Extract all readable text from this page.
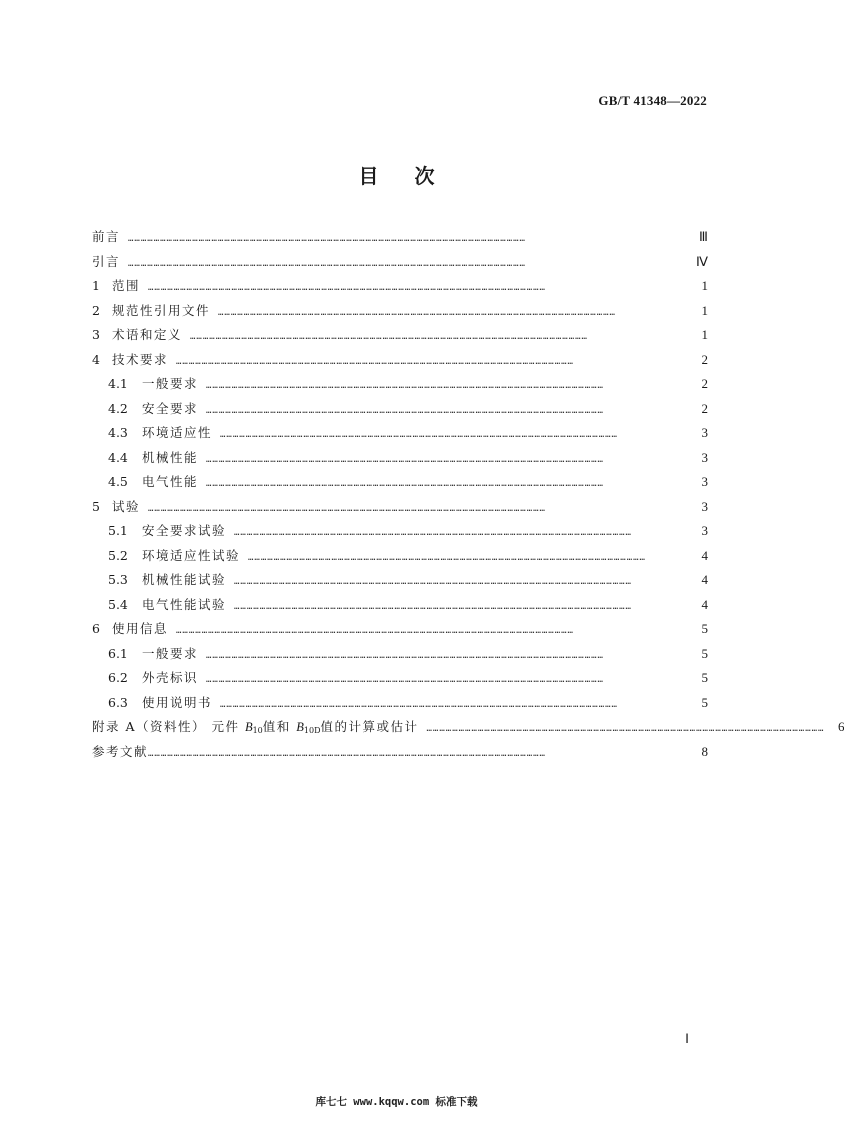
GB/T 41348—2022
目 次
前言 ……………………………………………………………………………………………………………………………………………………………………	Ⅲ
引言 ……………………………………………………………………………………………………………………………………………………………………	Ⅳ
1 范围 ……………………………………………………………………………………………………………………………………………………………………	1
2 规范性引用文件 ……………………………………………………………………………………………………………………………………………………………………	1
3 术语和定义 ……………………………………………………………………………………………………………………………………………………………………	1
4 技术要求 ……………………………………………………………………………………………………………………………………………………………………	2
4.1	一般要求 ……………………………………………………………………………………………………………………………………………………………………	2
4.2	安全要求 ……………………………………………………………………………………………………………………………………………………………………	2
4.3	环境适应性 ……………………………………………………………………………………………………………………………………………………………………	3
4.4	机械性能 ……………………………………………………………………………………………………………………………………………………………………	3
4.5	电气性能 ……………………………………………………………………………………………………………………………………………………………………	3
5 试验 ……………………………………………………………………………………………………………………………………………………………………	3
5.1	安全要求试验 ……………………………………………………………………………………………………………………………………………………………………	3
5.2	环境适应性试验 ……………………………………………………………………………………………………………………………………………………………………	4
5.3	机械性能试验 ……………………………………………………………………………………………………………………………………………………………………	4
5.4	电气性能试验 ……………………………………………………………………………………………………………………………………………………………………	4
6 使用信息 ……………………………………………………………………………………………………………………………………………………………………	5
6.1	一般要求 ……………………………………………………………………………………………………………………………………………………………………	5
6.2	外壳标识 ……………………………………………………………………………………………………………………………………………………………………	5
6.3	使用说明书 ……………………………………………………………………………………………………………………………………………………………………	5
附录 A（资料性） 元件 $B_{10}$值和 $B_{10D}$值的计算或估计 ……………………………………………………………………………………………………………………………………………………………………	6
参考文献 ……………………………………………………………………………………………………………………………………………………………………	8
Ⅰ
库七七 www.kqqw.com 标准下载
